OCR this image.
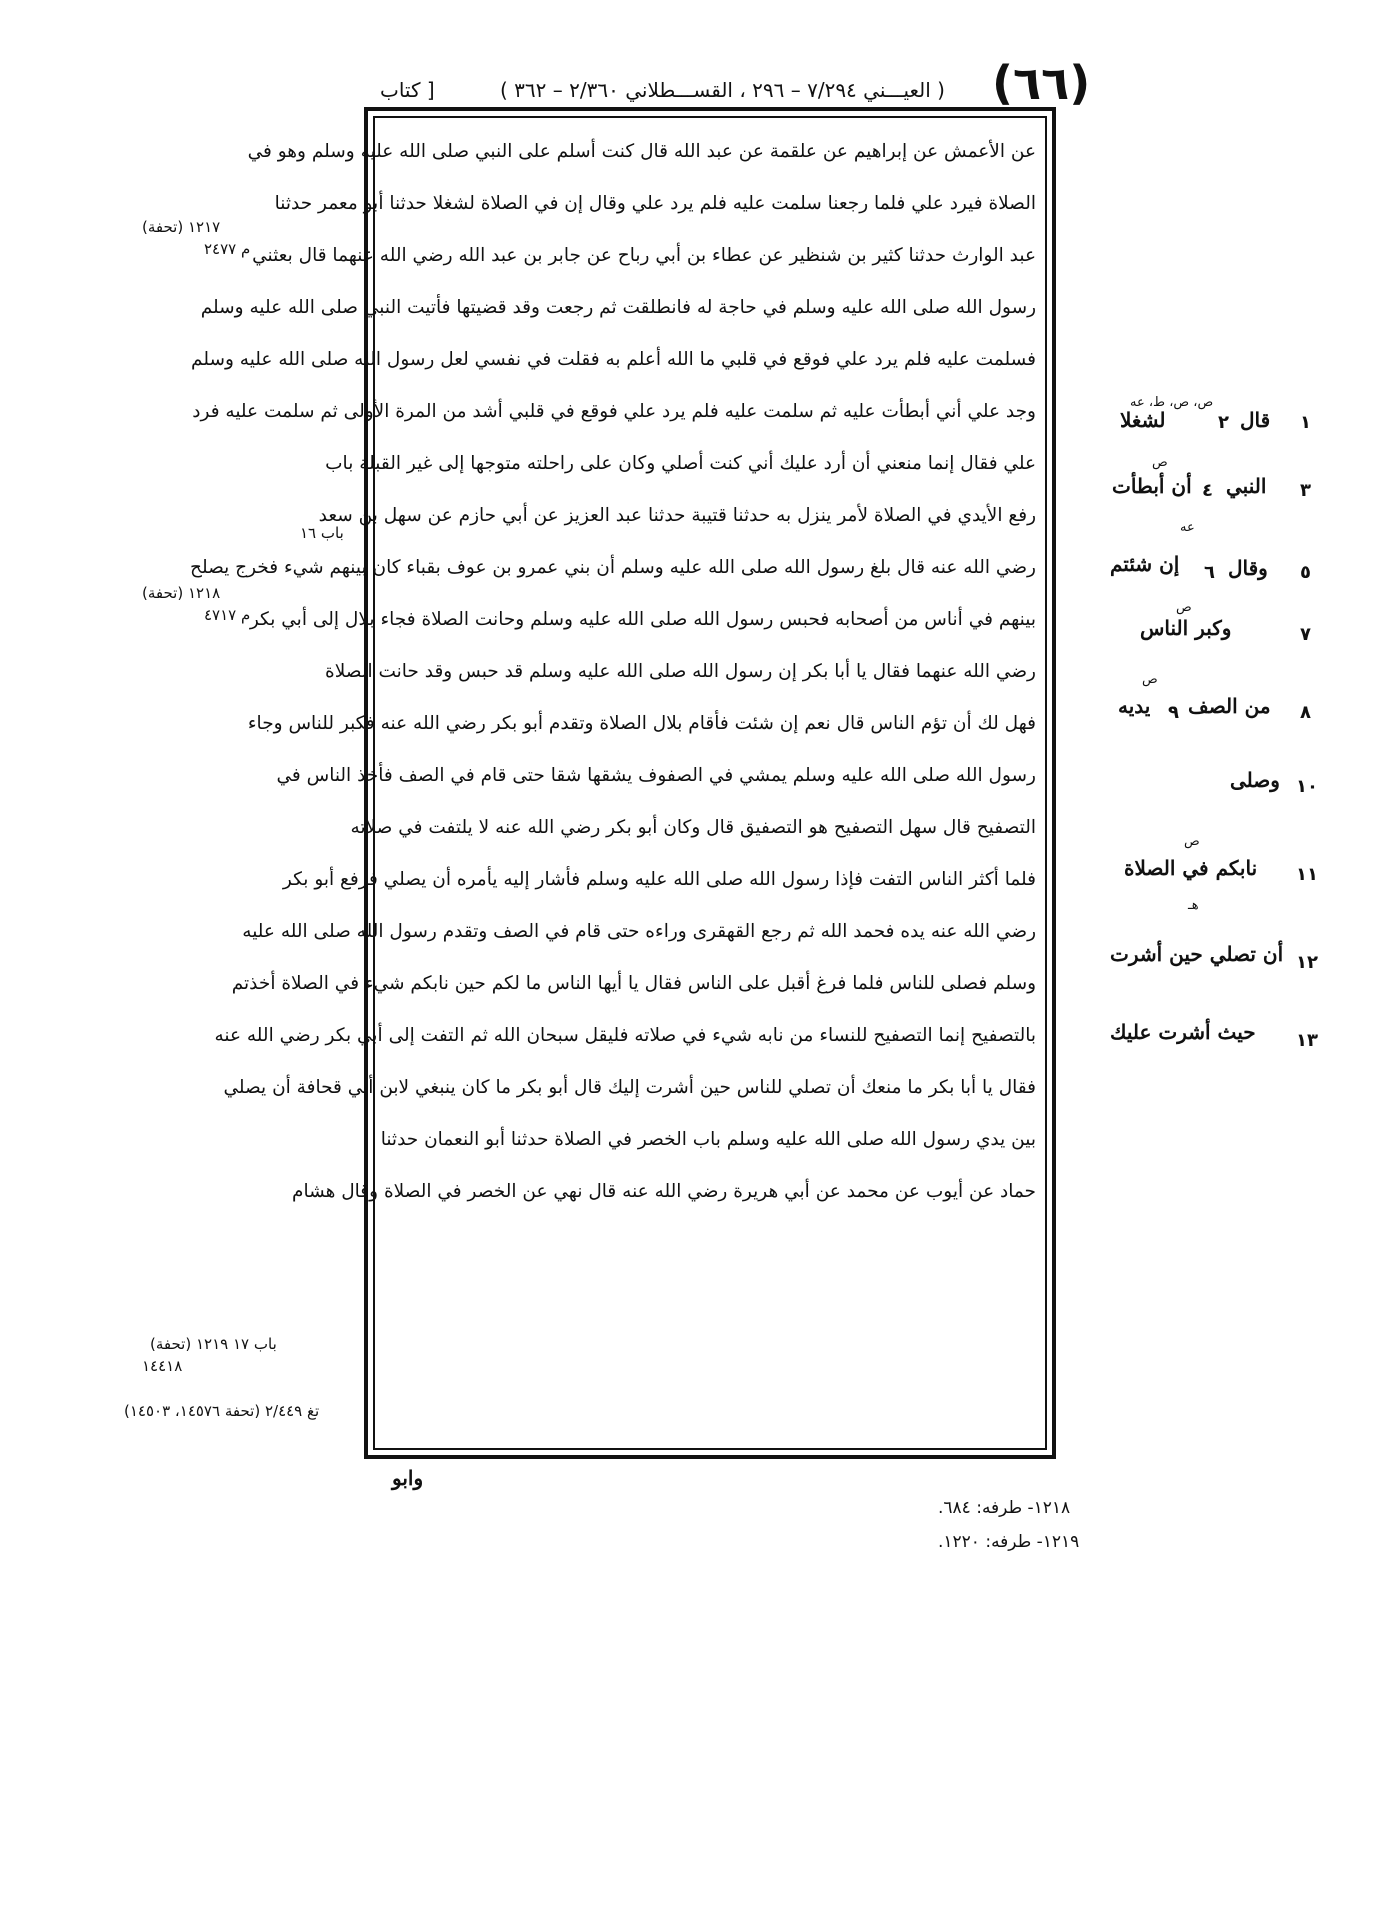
(٦٦)
( العيـــني ٧/٢٩٤ – ٢٩٦ ، القســـطلاني ٢/٣٦٠ – ٣٦٢ )
[ كتاب
عن الأعمش عن إبراهيم عن علقمة عن عبد الله قال كنت أسلم على النبي صلى الله عليه وسلم وهو في
الصلاة فيرد علي فلما رجعنا سلمت عليه فلم يرد علي وقال إن في الصلاة لشغلا حدثنا أبو معمر حدثنا
عبد الوارث حدثنا كثير بن شنظير عن عطاء بن أبي رباح عن جابر بن عبد الله رضي الله عنهما قال بعثني
رسول الله صلى الله عليه وسلم في حاجة له فانطلقت ثم رجعت وقد قضيتها فأتيت النبي صلى الله عليه وسلم
فسلمت عليه فلم يرد علي فوقع في قلبي ما الله أعلم به فقلت في نفسي لعل رسول الله صلى الله عليه وسلم
وجد علي أني أبطأت عليه ثم سلمت عليه فلم يرد علي فوقع في قلبي أشد من المرة الأولى ثم سلمت عليه فرد
علي فقال إنما منعني أن أرد عليك أني كنت أصلي وكان على راحلته متوجها إلى غير القبلة باب
رفع الأيدي في الصلاة لأمر ينزل به حدثنا قتيبة حدثنا عبد العزيز عن أبي حازم عن سهل بن سعد
رضي الله عنه قال بلغ رسول الله صلى الله عليه وسلم أن بني عمرو بن عوف بقباء كان بينهم شيء فخرج يصلح
بينهم في أناس من أصحابه فحبس رسول الله صلى الله عليه وسلم وحانت الصلاة فجاء بلال إلى أبي بكر
رضي الله عنهما فقال يا أبا بكر إن رسول الله صلى الله عليه وسلم قد حبس وقد حانت الصلاة
فهل لك أن تؤم الناس قال نعم إن شئت فأقام بلال الصلاة وتقدم أبو بكر رضي الله عنه فكبر للناس وجاء
رسول الله صلى الله عليه وسلم يمشي في الصفوف يشقها شقا حتى قام في الصف فأخذ الناس في
التصفيح قال سهل التصفيح هو التصفيق قال وكان أبو بكر رضي الله عنه لا يلتفت في صلاته
فلما أكثر الناس التفت فإذا رسول الله صلى الله عليه وسلم فأشار إليه يأمره أن يصلي فرفع أبو بكر
رضي الله عنه يده فحمد الله ثم رجع القهقرى وراءه حتى قام في الصف وتقدم رسول الله صلى الله عليه
وسلم فصلى للناس فلما فرغ أقبل على الناس فقال يا أيها الناس ما لكم حين نابكم شيء في الصلاة أخذتم
بالتصفيح إنما التصفيح للنساء من نابه شيء في صلاته فليقل سبحان الله ثم التفت إلى أبي بكر رضي الله عنه
فقال يا أبا بكر ما منعك أن تصلي للناس حين أشرت إليك قال أبو بكر ما كان ينبغي لابن أبي قحافة أن يصلي
بين يدي رسول الله صلى الله عليه وسلم باب الخصر في الصلاة حدثنا أبو النعمان حدثنا
حماد عن أيوب عن محمد عن أبي هريرة رضي الله عنه قال نهي عن الخصر في الصلاة وقال هشام
ص، ص، ط، عه
١
قال
٢
لشغلا
ص
٣
النبي
٤
أن أبطأت
عه
٥
وقال
٦
إن شئتم
ص
٧
وكبر الناس
ص
٨
من الصف
٩
يديه
١٠
وصلى
ص
١١
نابكم في الصلاة
هـ
١٢
أن تصلي حين أشرت
١٣
حيث أشرت عليك
١٢١٧ (تحفة)
م ٢٤٧٧
باب ١٦
١٢١٨ (تحفة)
م ٤٧١٧
باب ١٧ ١٢١٩ (تحفة)
١٤٤١٨
تغ ٢/٤٤٩ (تحفة ١٤٥٧٦، ١٤٥٠٣)
وابو
١٢١٨- طرفه: ٦٨٤.
١٢١٩- طرفه: ١٢٢٠.
